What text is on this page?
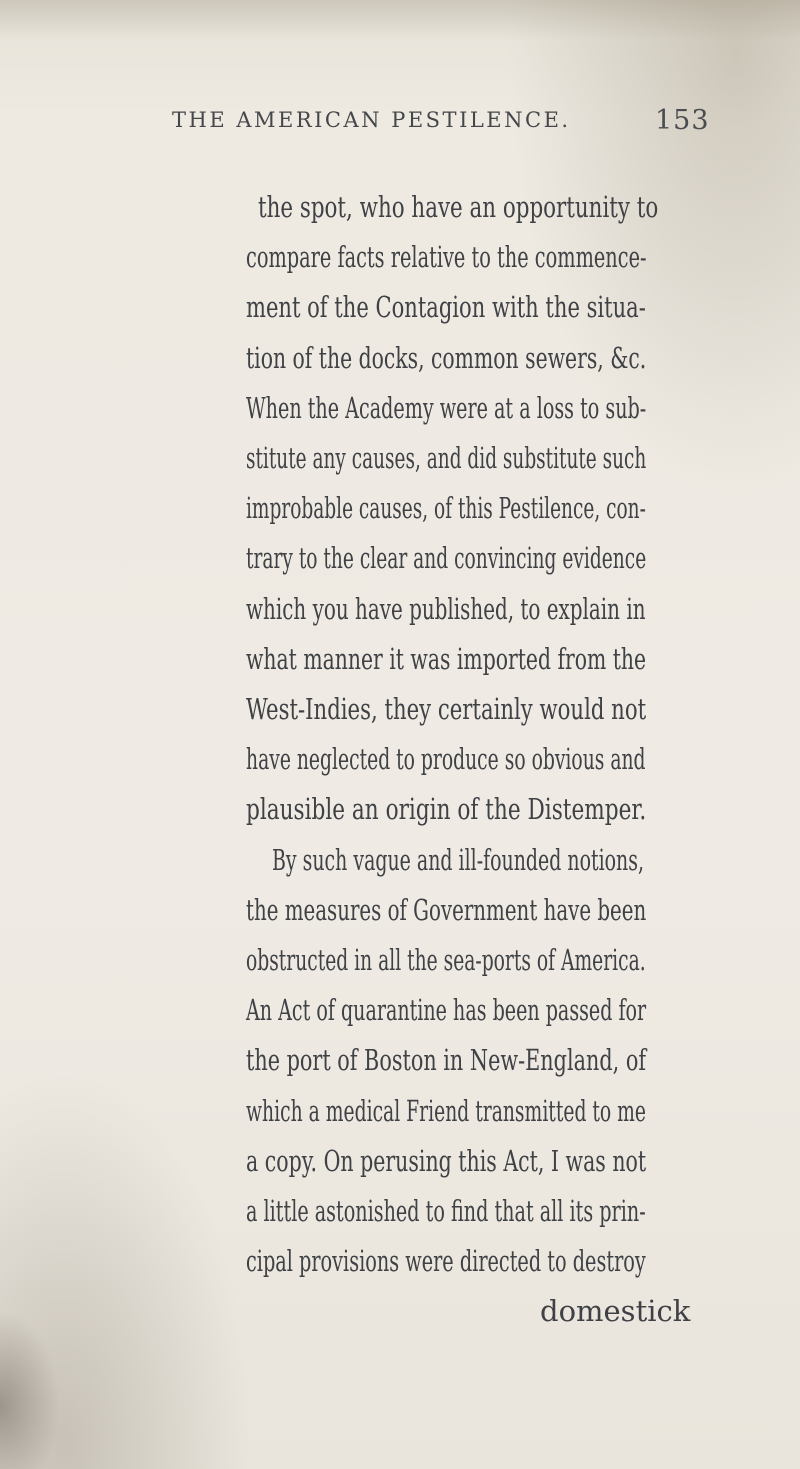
THE AMERICAN PESTILENCE.	153
the spot, who have an opportunity to
compare facts relative to the commence-
ment of the Contagion with the situa-
tion of the docks, common sewers, &c.
When the Academy were at a loss to sub-
stitute any causes, and did substitute such
improbable causes, of this Pestilence, con-
trary to the clear and convincing evidence
which you have published, to explain in
what manner it was imported from the
West-Indies, they certainly would not
have neglected to produce so obvious and
plausible an origin of the Distemper.
By such vague and ill-founded notions,
the measures of Government have been
obstructed in all the sea-ports of America.
An Act of quarantine has been passed for
the port of Boston in New-England, of
which a medical Friend transmitted to me
a copy. On perusing this Act, I was not
a little astonished to find that all its prin-
cipal provisions were directed to destroy
domestick
